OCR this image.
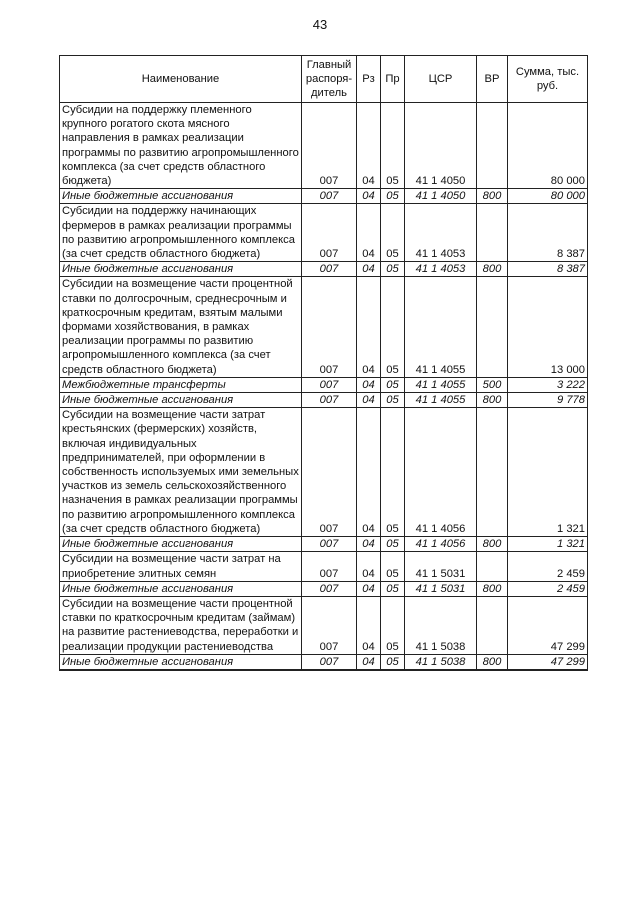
43
Наименование	Главный распоря-дитель	Рз	Пр	ЦСР	ВР	Сумма, тыс. руб.
Субсидии на поддержку племенного крупного рогатого скота мясного направления в рамках реализации программы по развитию агропромышленного комплекса (за счет средств областного бюджета)	007	04	05	41 1 4050		80 000
Иные бюджетные ассигнования	007	04	05	41 1 4050	800	80 000
Субсидии на поддержку начинающих фермеров в рамках реализации программы по развитию агропромышленного комплекса (за счет средств областного бюджета)	007	04	05	41 1 4053		8 387
Иные бюджетные ассигнования	007	04	05	41 1 4053	800	8 387
Субсидии на возмещение части процентной ставки по долгосрочным, среднесрочным и краткосрочным кредитам, взятым малыми формами хозяйствования, в рамках реализации программы по развитию агропромышленного комплекса (за счет средств областного бюджета)	007	04	05	41 1 4055		13 000
Межбюджетные трансферты	007	04	05	41 1 4055	500	3 222
Иные бюджетные ассигнования	007	04	05	41 1 4055	800	9 778
Субсидии на возмещение части затрат крестьянских (фермерских) хозяйств, включая индивидуальных предпринимателей, при оформлении в собственность используемых ими земельных участков из земель сельскохозяйственного назначения в рамках реализации программы по развитию агропромышленного комплекса (за счет средств областного бюджета)	007	04	05	41 1 4056		1 321
Иные бюджетные ассигнования	007	04	05	41 1 4056	800	1 321
Субсидии на возмещение части затрат на приобретение элитных семян	007	04	05	41 1 5031		2 459
Иные бюджетные ассигнования	007	04	05	41 1 5031	800	2 459
Субсидии на возмещение части процентной ставки по краткосрочным кредитам (займам) на развитие растениеводства, переработки и реализации продукции растениеводства	007	04	05	41 1 5038		47 299
Иные бюджетные ассигнования	007	04	05	41 1 5038	800	47 299
